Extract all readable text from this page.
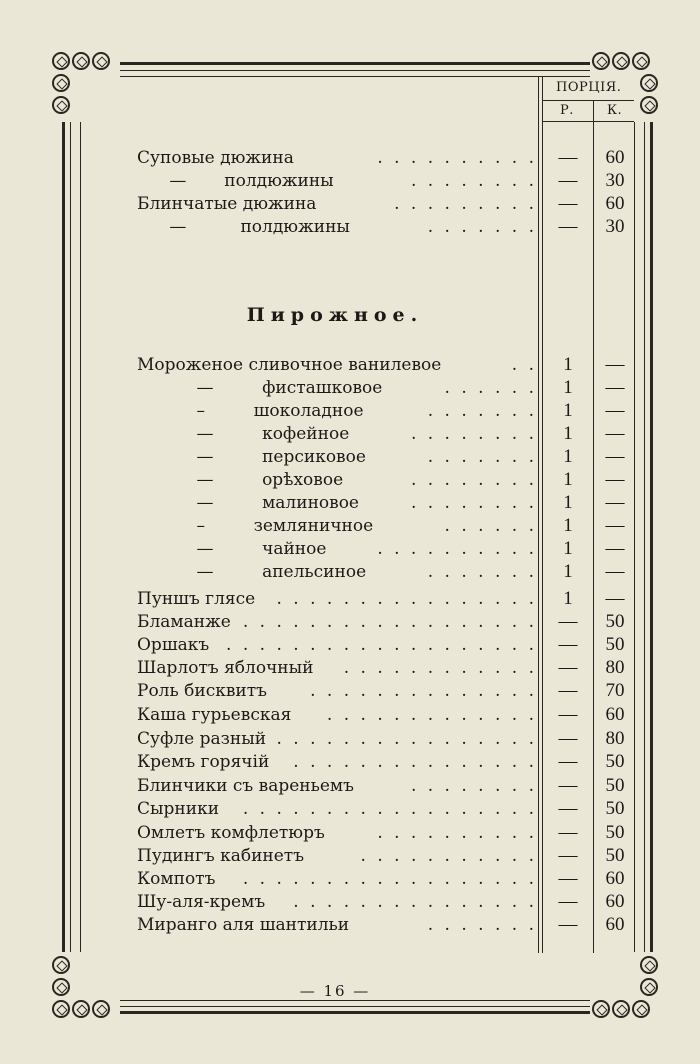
ПОРЦIЯ.
Р.	К.
Суповые дюжина	. . . . . . . . . .	—	60
—       полдюжины	. . . . . . . .	—	30
Блинчатые дюжина	. . . . . . . . .	—	60
—          полдюжины	. . . . . . .	—	30
Пирожное.
Мороженое сливочное ванилевое	. .	1	—
—         фисташковое	. . . . . .	1	—
–         шоколадное	. . . . . . .	1	—
—         кофейное	. . . . . . . .	1	—
—         персиковое	. . . . . . .	1	—
—         орѣховое	. . . . . . . .	1	—
—         малиновое	. . . . . . . .	1	—
–         земляничное	. . . . . .	1	—
—         чайное	. . . . . . . . . .	1	—
—         апельсиное	. . . . . . .	1	—
Пуншъ глясе . . . . . . . . . . . . . . . .	1	—
Бламанже . . . . . . . . . . . . . . . . . .	—	50
Оршакъ . . . . . . . . . . . . . . . . . . .	—	50
Шарлотъ яблочный . . . . . . . . . . . .	—	80
Роль бисквитъ	. . . . . . . . . . . . . .	—	70
Каша гурьевская . . . . . . . . . . . . .	—	60
Суфле разный . . . . . . . . . . . . . . . .	—	80
Кремъ горячiй . . . . . . . . . . . . . . .	—	50
Блинчики съ вареньемъ	. . . . . . . .	—	50
Сырники . . . . . . . . . . . . . . . . . .	—	50
Омлетъ комфлетюръ	. . . . . . . . . .	—	50
Пудингъ кабинетъ	. . . . . . . . . . .	—	50
Компотъ . . . . . . . . . . . . . . . . . .	—	60
Шу-аля-кремъ . . . . . . . . . . . . . . .	—	60
Миранго аля шантильи	. . . . . . .	—	60
— 16 —
